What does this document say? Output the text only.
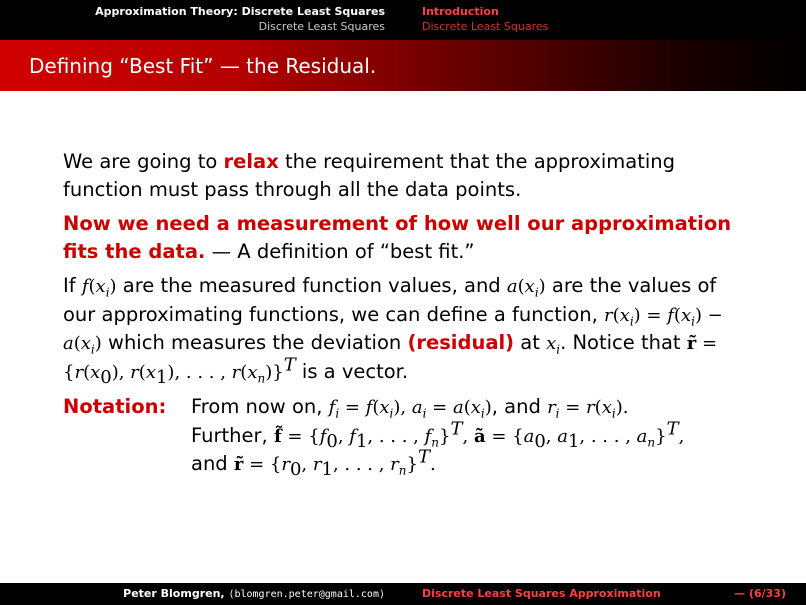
Approximation Theory: Discrete Least Squares
Discrete Least Squares
Introduction
Discrete Least Squares
Defining “Best Fit” — the Residual.

We are going to relax the requirement that the approximating function must pass through all the data points.

Now we need a measurement of how well our approximation fits the data. — A definition of “best fit.”

If $f(x_i)$ are the measured function values, and $a(x_i)$ are the values of our approximating functions, we can define a function, $r(x_i) = f(x_i) - a(x_i)$ which measures the deviation (residual) at $x_i$. Notice that r̃ = {$r(x_0)$, $r(x_1)$, . . . , $r(x_n)\}^T$ is a vector.

Notation:	From now on, $f_i = f(x_i)$, $a_i = a(x_i)$, and $r_i = r(x_i)$.
Further, f̃ = {$f_0$, $f_1$, . . . , $f_n\}^T$, ã = {$a_0$, $a_1$, . . . , $a_n\}^T$,
and r̃ = {$r_0$, $r_1$, . . . , $r_n\}^T$.
Peter Blomgren, ⟨blomgren.peter@gmail.com⟩	Discrete Least Squares Approximation	— (6/33)
